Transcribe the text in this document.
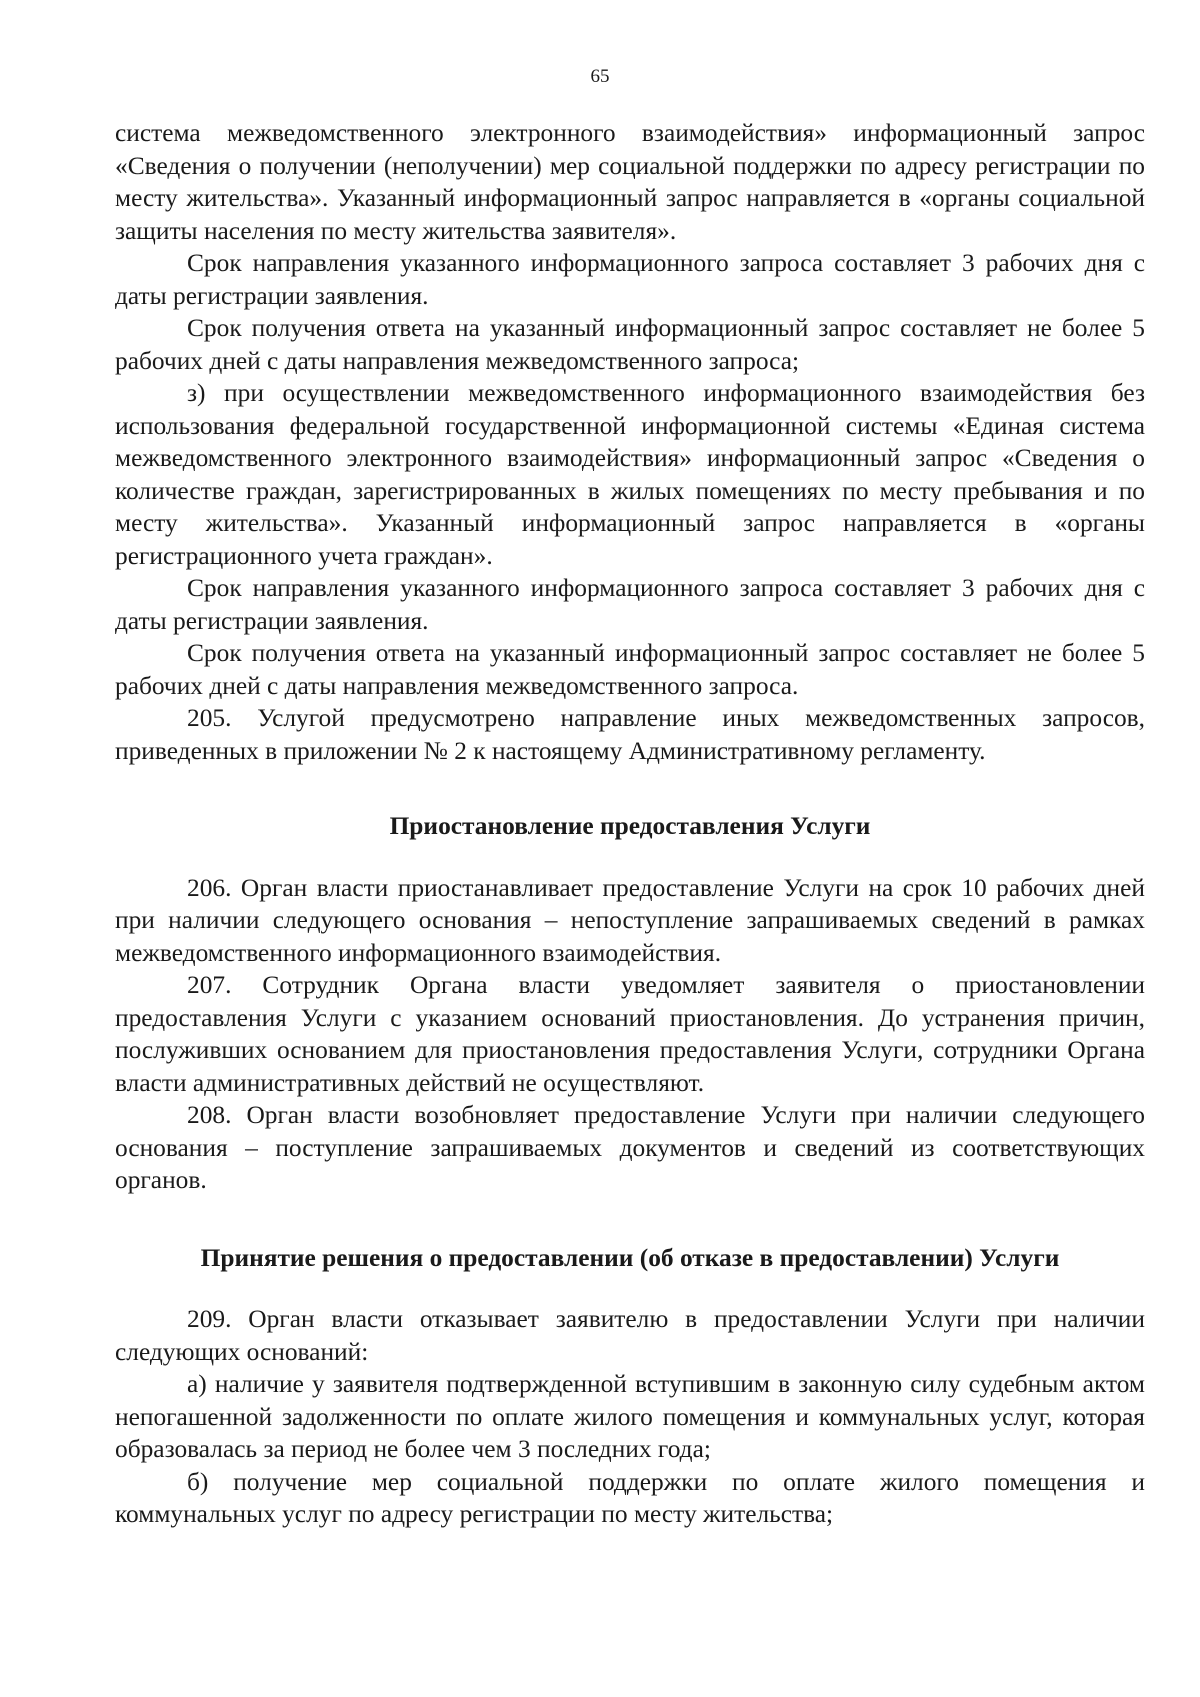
65

система межведомственного электронного взаимодействия» информационный запрос «Сведения о получении (неполучении) мер социальной поддержки по адресу регистрации по месту жительства». Указанный информационный запрос направляется в «органы социальной защиты населения по месту жительства заявителя».

Срок направления указанного информационного запроса составляет 3 рабочих дня с даты регистрации заявления.

Срок получения ответа на указанный информационный запрос составляет не более 5 рабочих дней с даты направления межведомственного запроса;

з) при осуществлении межведомственного информационного взаимодействия без использования федеральной государственной информационной системы «Единая система межведомственного электронного взаимодействия» информационный запрос «Сведения о количестве граждан, зарегистрированных в жилых помещениях по месту пребывания и по месту жительства». Указанный информационный запрос направляется в «органы регистрационного учета граждан».

Срок направления указанного информационного запроса составляет 3 рабочих дня с даты регистрации заявления.

Срок получения ответа на указанный информационный запрос составляет не более 5 рабочих дней с даты направления межведомственного запроса.

205. Услугой предусмотрено направление иных межведомственных запросов, приведенных в приложении № 2 к настоящему Административному регламенту.

Приостановление предоставления Услуги

206. Орган власти приостанавливает предоставление Услуги на срок 10 рабочих дней при наличии следующего основания – непоступление запрашиваемых сведений в рамках межведомственного информационного взаимодействия.

207. Сотрудник Органа власти уведомляет заявителя о приостановлении предоставления Услуги с указанием оснований приостановления. До устранения причин, послуживших основанием для приостановления предоставления Услуги, сотрудники Органа власти административных действий не осуществляют.

208. Орган власти возобновляет предоставление Услуги при наличии следующего основания – поступление запрашиваемых документов и сведений из соответствующих органов.

Принятие решения о предоставлении (об отказе в предоставлении) Услуги

209. Орган власти отказывает заявителю в предоставлении Услуги при наличии следующих оснований:

а) наличие у заявителя подтвержденной вступившим в законную силу судебным актом непогашенной задолженности по оплате жилого помещения и коммунальных услуг, которая образовалась за период не более чем 3 последних года;

б) получение мер социальной поддержки по оплате жилого помещения и коммунальных услуг по адресу регистрации по месту жительства;
